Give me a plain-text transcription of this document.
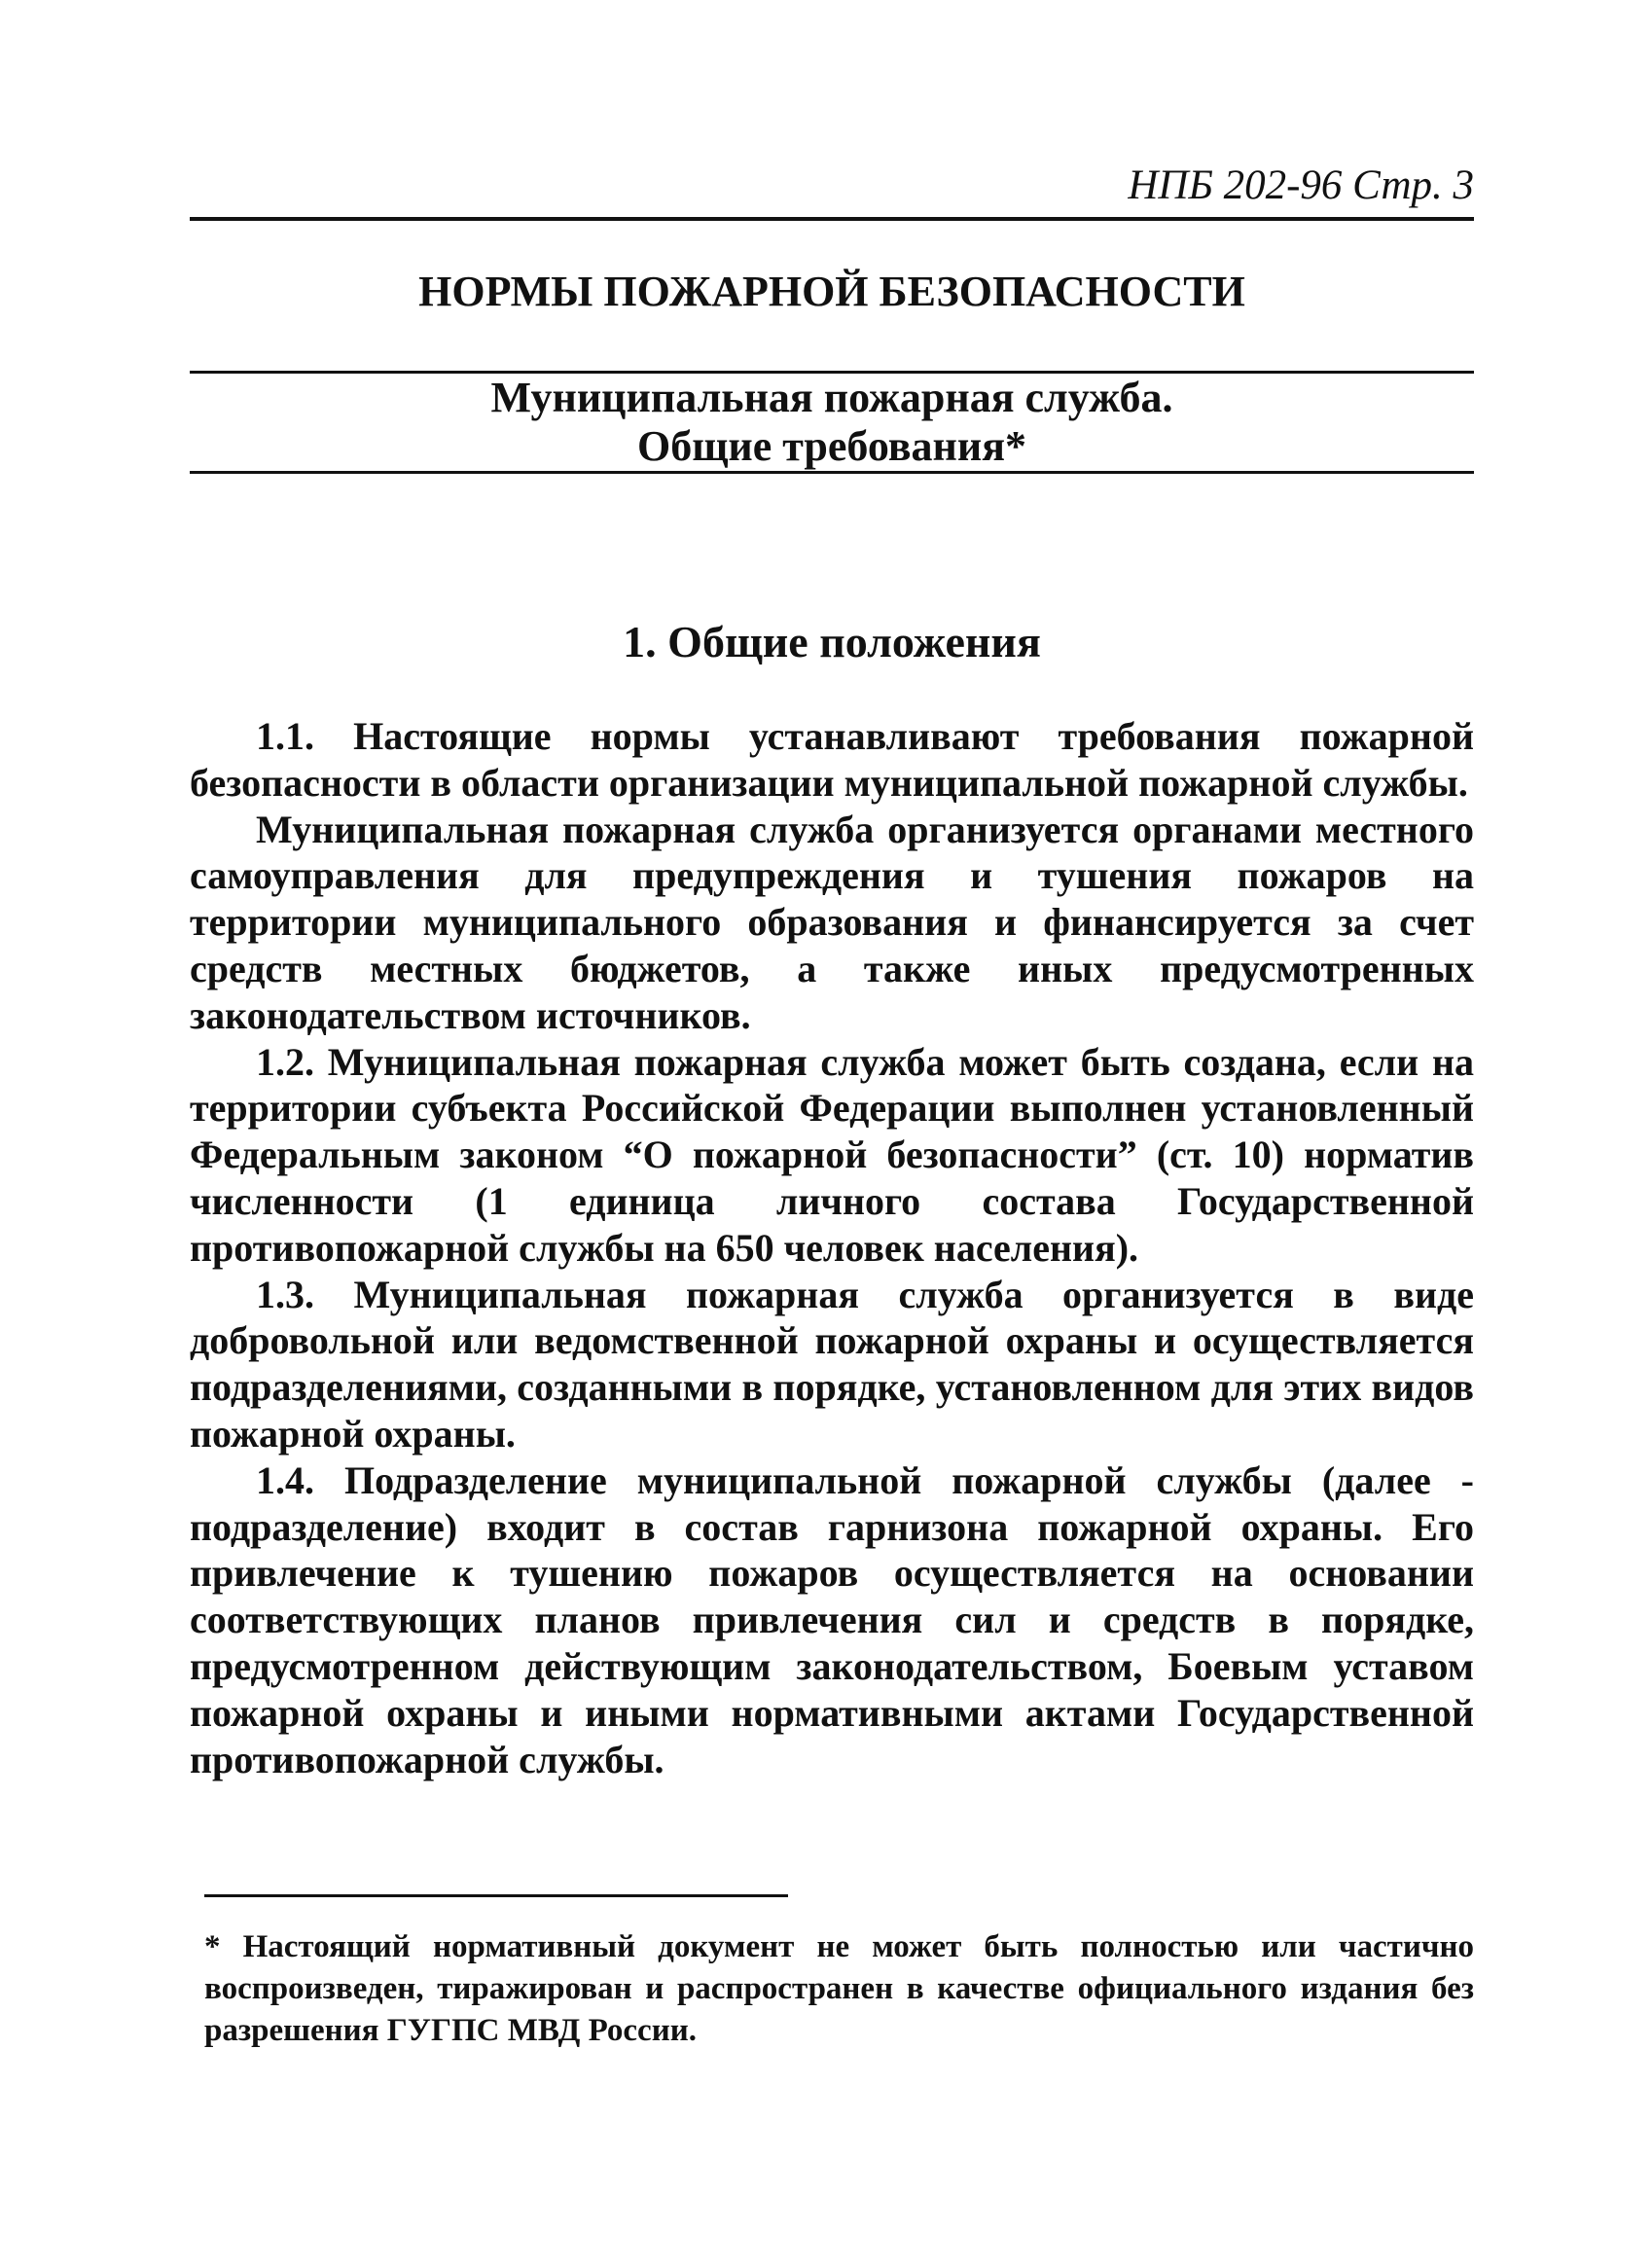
НПБ 202-96 Стр. 3
НОРМЫ ПОЖАРНОЙ БЕЗОПАСНОСТИ
Муниципальная пожарная служба.
Общие требования*
1. Общие положения

1.1. Настоящие нормы устанавливают требования пожарной безопасности в области организации муниципальной пожарной службы.

Муниципальная пожарная служба организуется органами местного самоуправления для предупреждения и тушения пожаров на территории муниципального образования и финансируется за счет средств местных бюджетов, а также иных предусмотренных законодательством источников.

1.2. Муниципальная пожарная служба может быть создана, если на территории субъекта Российской Федерации выполнен установленный Федеральным законом “О пожарной безопасности” (ст. 10) норматив численности (1 единица личного состава Государственной противопожарной службы на 650 человек населения).

1.3. Муниципальная пожарная служба организуется в виде добровольной или ведомственной пожарной охраны и осуществляется подразделениями, созданными в порядке, установленном для этих видов пожарной охраны.

1.4. Подразделение муниципальной пожарной службы (далее - подразделение) входит в состав гарнизона пожарной охраны. Его привлечение к тушению пожаров осуществляется на основании соответствующих планов привлечения сил и средств в порядке, предусмотренном действующим законодательством, Боевым уставом пожарной охраны и иными нормативными актами Государственной противопожарной службы.

* Настоящий нормативный документ не может быть полностью или частично воспроизведен, тиражирован и распространен в качестве официального издания без разрешения ГУГПС МВД России.
